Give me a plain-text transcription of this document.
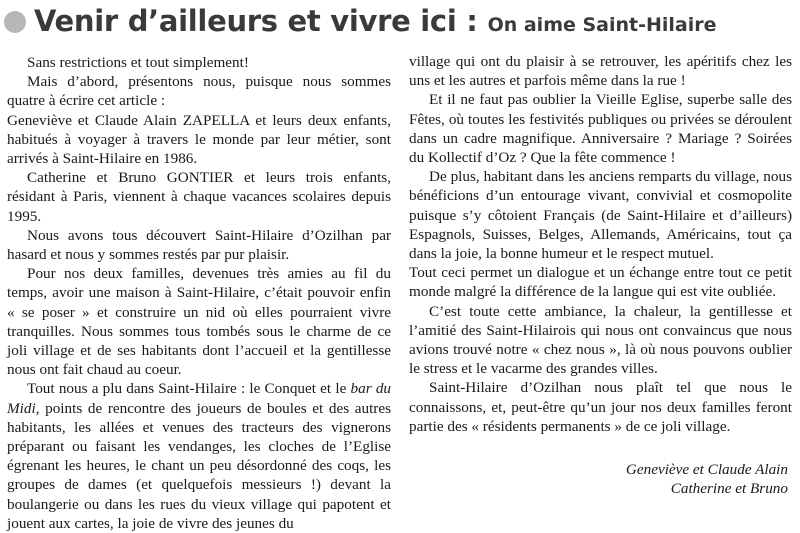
Venir d’ailleurs et vivre ici : On aime Saint-Hilaire

Sans restrictions et tout simplement!

Mais d’abord, présentons nous, puisque nous sommes quatre à écrire cet article :

Geneviève et Claude Alain ZAPELLA et leurs deux enfants, habitués à voyager à travers le monde par leur métier, sont arrivés à Saint-Hilaire en 1986.

Catherine et Bruno GONTIER et leurs trois enfants, résidant à Paris, viennent à chaque vacances scolaires depuis 1995.

Nous avons tous découvert Saint-Hilaire d’Ozilhan par hasard et nous y sommes restés par pur plaisir.

Pour nos deux familles, devenues très amies au fil du temps, avoir une maison à Saint-Hilaire, c’était pouvoir enfin « se poser » et construire un nid où elles pourraient vivre tranquilles. Nous sommes tous tombés sous le charme de ce joli village et de ses habitants dont l’accueil et la gentillesse nous ont fait chaud au coeur.

Tout nous a plu dans Saint-Hilaire : le Conquet et le bar du Midi, points de rencontre des joueurs de boules et des autres habitants, les allées et venues des tracteurs des vignerons préparant ou faisant les vendanges, les cloches de l’Eglise égrenant les heures, le chant un peu désordonné des coqs, les groupes de dames (et quelquefois messieurs !) devant la boulangerie ou dans les rues du vieux village qui papotent et jouent aux cartes, la joie de vivre des jeunes du

village qui ont du plaisir à se retrouver, les apéritifs chez les uns et les autres et parfois même dans la rue !

Et il ne faut pas oublier la Vieille Eglise, superbe salle des Fêtes, où toutes les festivités publiques ou privées se déroulent dans un cadre magnifique. Anniversaire ? Mariage ? Soirées du Kollectif d’Oz ? Que la fête commence !

De plus, habitant dans les anciens remparts du village, nous bénéficions d’un entourage vivant, convivial et cosmopolite puisque s’y côtoient Français (de Saint-Hilaire et d’ailleurs) Espagnols, Suisses, Belges, Allemands, Américains, tout ça dans la joie, la bonne humeur et le respect mutuel.

Tout ceci permet un dialogue et un échange entre tout ce petit monde malgré la différence de la langue qui est vite oubliée.

C’est toute cette ambiance, la chaleur, la gentillesse et l’amitié des Saint-Hilairois qui nous ont convaincus que nous avions trouvé notre « chez nous », là où nous pouvons oublier le stress et le vacarme des grandes villes.

Saint-Hilaire d’Ozilhan nous plaît tel que nous le connaissons, et, peut-être qu’un jour nos deux familles feront partie des « résidents permanents » de ce joli village.

Geneviève et Claude Alain
Catherine et Bruno
